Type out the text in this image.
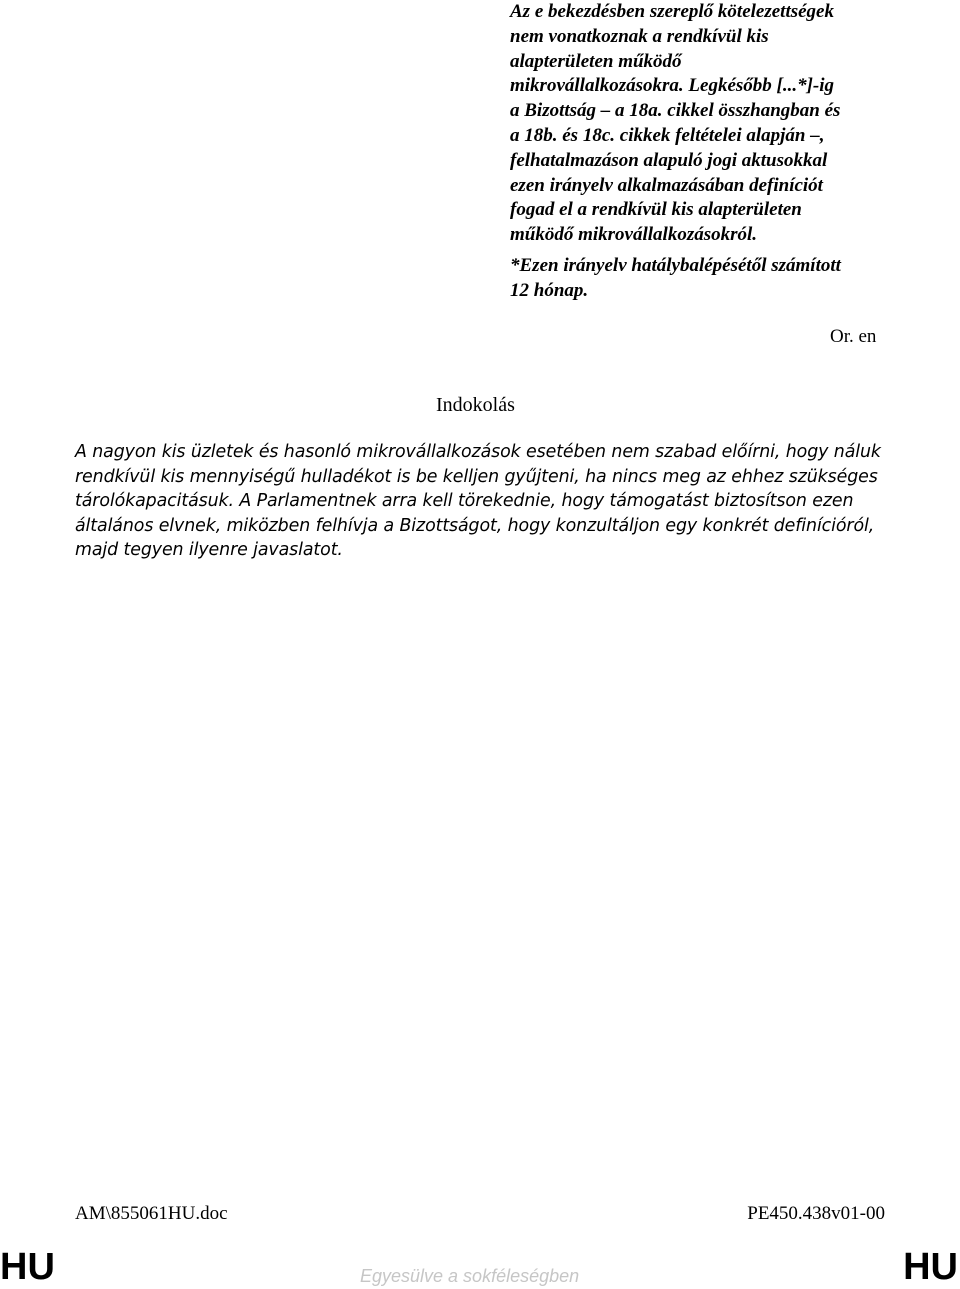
Az e bekezdésben szereplő kötelezettségek

nem vonatkoznak a rendkívül kis

alapterületen működő

mikrovállalkozásokra. Legkésőbb [...*]-ig

a Bizottság – a 18a. cikkel összhangban és

a 18b. és 18c. cikkek feltételei alapján –,

felhatalmazáson alapuló jogi aktusokkal

ezen irányelv alkalmazásában definíciót

fogad el a rendkívül kis alapterületen

működő mikrovállalkozásokról.

*Ezen irányelv hatálybalépésétől számított

12 hónap.

Or. en
Indokolás
A nagyon kis üzletek és hasonló mikrovállalkozások esetében nem szabad előírni, hogy náluk
rendkívül kis mennyiségű hulladékot is be kelljen gyűjteni, ha nincs meg az ehhez szükséges
tárolókapacitásuk. A Parlamentnek arra kell törekednie, hogy támogatást biztosítson ezen
általános elvnek, miközben felhívja a Bizottságot, hogy konzultáljon egy konkrét definícióról,
majd tegyen ilyenre javaslatot.
AM\855061HU.doc	PE450.438v01-00
HU	Egyesülve a sokféleségben	HU
